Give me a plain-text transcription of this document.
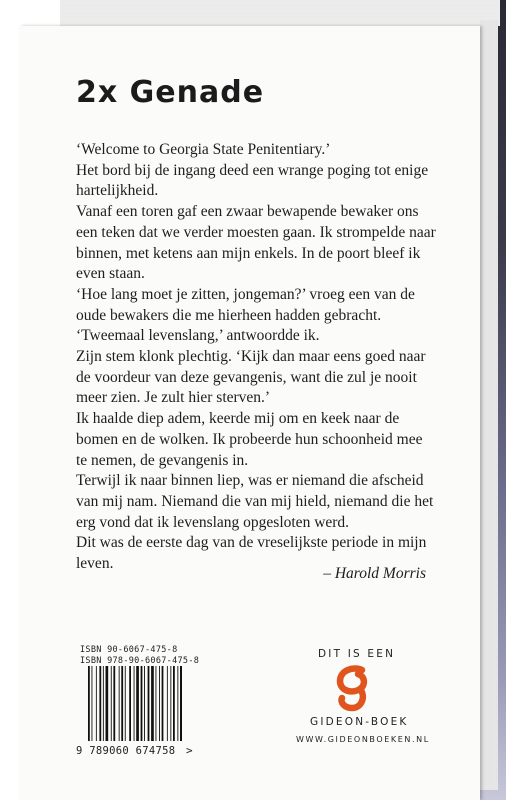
2x Genade

‘Welcome to Georgia State Penitentiary.’

Het bord bij de ingang deed een wrange poging tot enige hartelijkheid.

Vanaf een toren gaf een zwaar bewapende bewaker ons een teken dat we verder moesten gaan. Ik strompelde naar binnen, met ketens aan mijn enkels. In de poort bleef ik even staan.

‘Hoe lang moet je zitten, jongeman?’ vroeg een van de oude bewakers die me hierheen hadden gebracht.

‘Tweemaal levenslang,’ antwoordde ik.

Zijn stem klonk plechtig. ‘Kijk dan maar eens goed naar de voordeur van deze gevangenis, want die zul je nooit meer zien. Je zult hier sterven.’

Ik haalde diep adem, keerde mij om en keek naar de bomen en de wolken. Ik probeerde hun schoonheid mee te nemen, de gevangenis in.

Terwijl ik naar binnen liep, was er niemand die afscheid van mij nam. Niemand die van mij hield, niemand die het erg vond dat ik levenslang opgesloten werd.

Dit was de eerste dag van de vreselijkste periode in mijn leven.

– Harold Morris
ISBN 90-6067-475-8
ISBN 978-90-6067-475-8
9 789060 674758 >
DIT IS EEN
GIDEON-BOEK
WWW.GIDEONBOEKEN.NL
